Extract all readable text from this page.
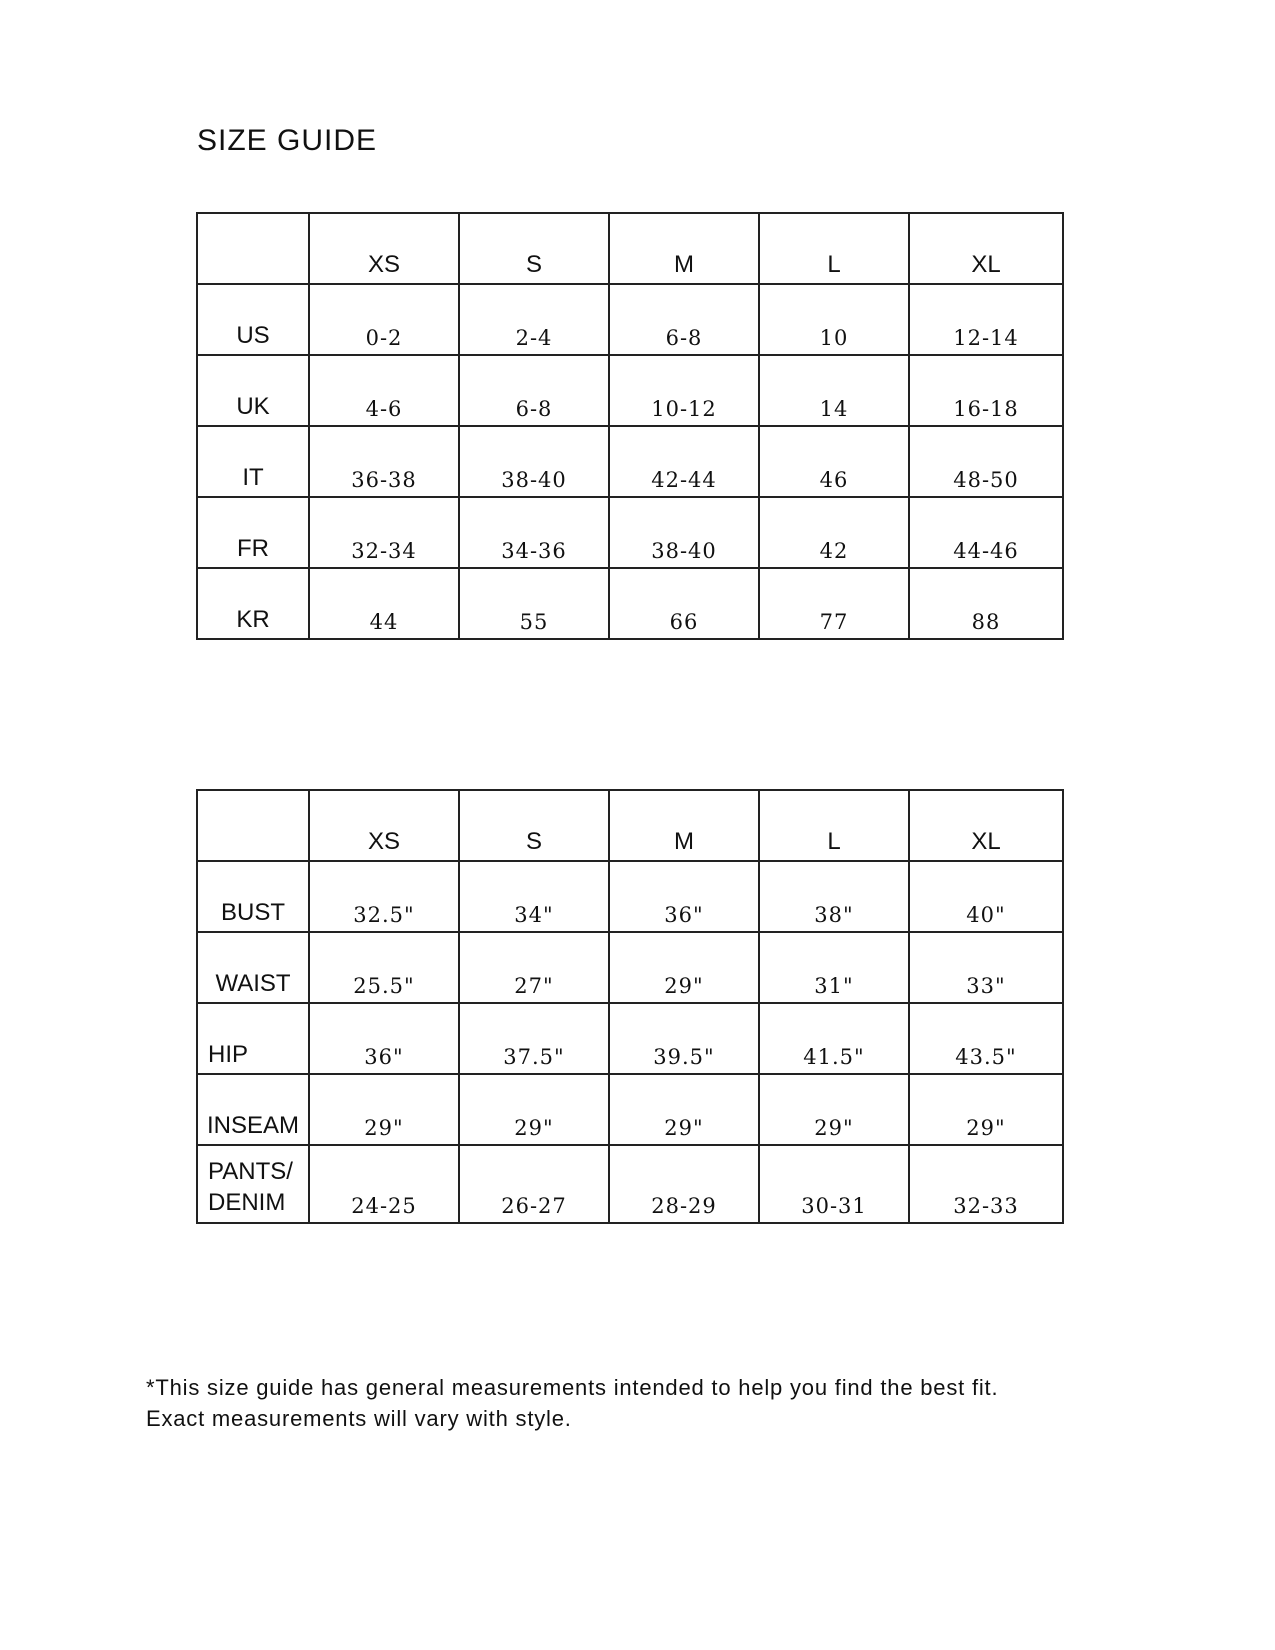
SIZE GUIDE
	XS	S	M	L	XL
US	0-2	2-4	6-8	10	12-14
UK	4-6	6-8	10-12	14	16-18
IT	36-38	38-40	42-44	46	48-50
FR	32-34	34-36	38-40	42	44-46
KR	44	55	66	77	88
	XS	S	M	L	XL
BUST	32.5"	34"	36"	38"	40"
WAIST	25.5"	27"	29"	31"	33"
HIP	36"	37.5"	39.5"	41.5"	43.5"
INSEAM	29"	29"	29"	29"	29"

PANTS/
DENIM	24-25	26-27	28-29	30-31	32-33

*This size guide has general measurements intended to help you find the best fit.
Exact measurements will vary with style.
